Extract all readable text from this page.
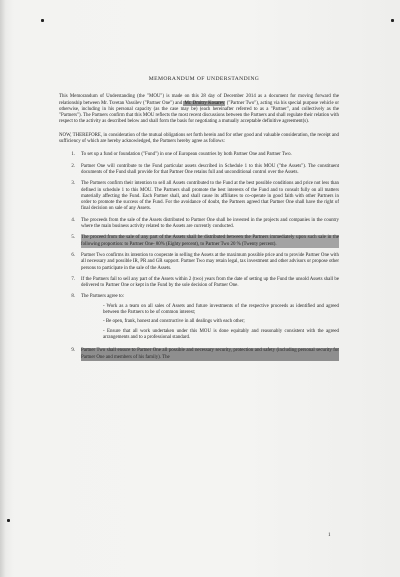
MEMORANDUM OF UNDERSTANDING
This Memorandum of Understanding (the "MOU") is made on this 28 day of December 2014 as a document for moving forward the relationship between Mr. Tsvetan Vassilev ("Partner One") and Mr. Dmitry Kosarev ("Partner Two"), acting via his special purpose vehicle or otherwise, including in his personal capacity (as the case may be) (each hereinafter referred to as a "Partner", and collectively as the "Partners"). The Partners confirm that this MOU reflects the most recent discussions between the Partners and shall regulate their relation with respect to the activity as described below and shall form the basis for negotiating a mutually acceptable definitive agreement(s).
NOW, THEREFORE, in consideration of the mutual obligations set forth herein and for other good and valuable consideration, the receipt and sufficiency of which are hereby acknowledged, the Partners hereby agree as follows:
1.	To set up a fund or foundation ("Fund") in one of European countries by both Partner One and Partner Two.
2.	Partner One will contribute to the Fund particular assets described in Schedule 1 to this MOU ("the Assets"). The constituent documents of the Fund shall provide for that Partner One retains full and unconditional control over the Assets.
3.	The Partners confirm their intention to sell all Assets contributed to the Fund at the best possible conditions and price not less than defined in schedule 1 to this MOU. The Partners shall promote the best interests of the Fund and to consult fully on all matters materially affecting the Fund. Each Partner shall, and shall cause its affiliates to co-operate in good faith with other Partners in order to promote the success of the Fund. For the avoidance of doubt, the Partners agreed that Partner One shall have the right of final decision on sale of any Assets.
4.	The proceeds from the sale of the Assets distributed to Partner One shall be invested in the projects and companies in the country where the main business activity related to the Assets are currently conducted.
5.	The proceed from the sale of any part of the Assets shall be distributed between the Partners immediately upon such sale in the following proportion: to Partner One- 80% (Eighty percent), to Partner Two 20 % (Twenty percent).
6.	Partner Two confirms its intention to cooperate in selling the Assets at the maximum possible price and to provide Partner One with all necessary and possible IR, PR and GR support. Partner Two may retain legal, tax investment and other advisors or propose other persons to participate in the sale of the Assets.
7.	If the Partners fail to sell any part of the Assets within 2 (two) years from the date of setting up the Fund the unsold Assets shall be delivered to Partner One or kept in the Fund by the sole decision of Partner One.
8.	The Partners agree to:
- Work as a team on all sales of Assets and future investments of the respective proceeds as identified and agreed between the Partners to be of common interest;
- Be open, frank, honest and constructive in all dealings with each other;
- Ensure that all work undertaken under this MOU is done equitably and reasonably consistent with the agreed arrangements and to a professional standard.
9.	Partner Two shall ensure to Partner One all possible and necessary security, protection and safety (including personal security for Partner One and members of his family). The
1
